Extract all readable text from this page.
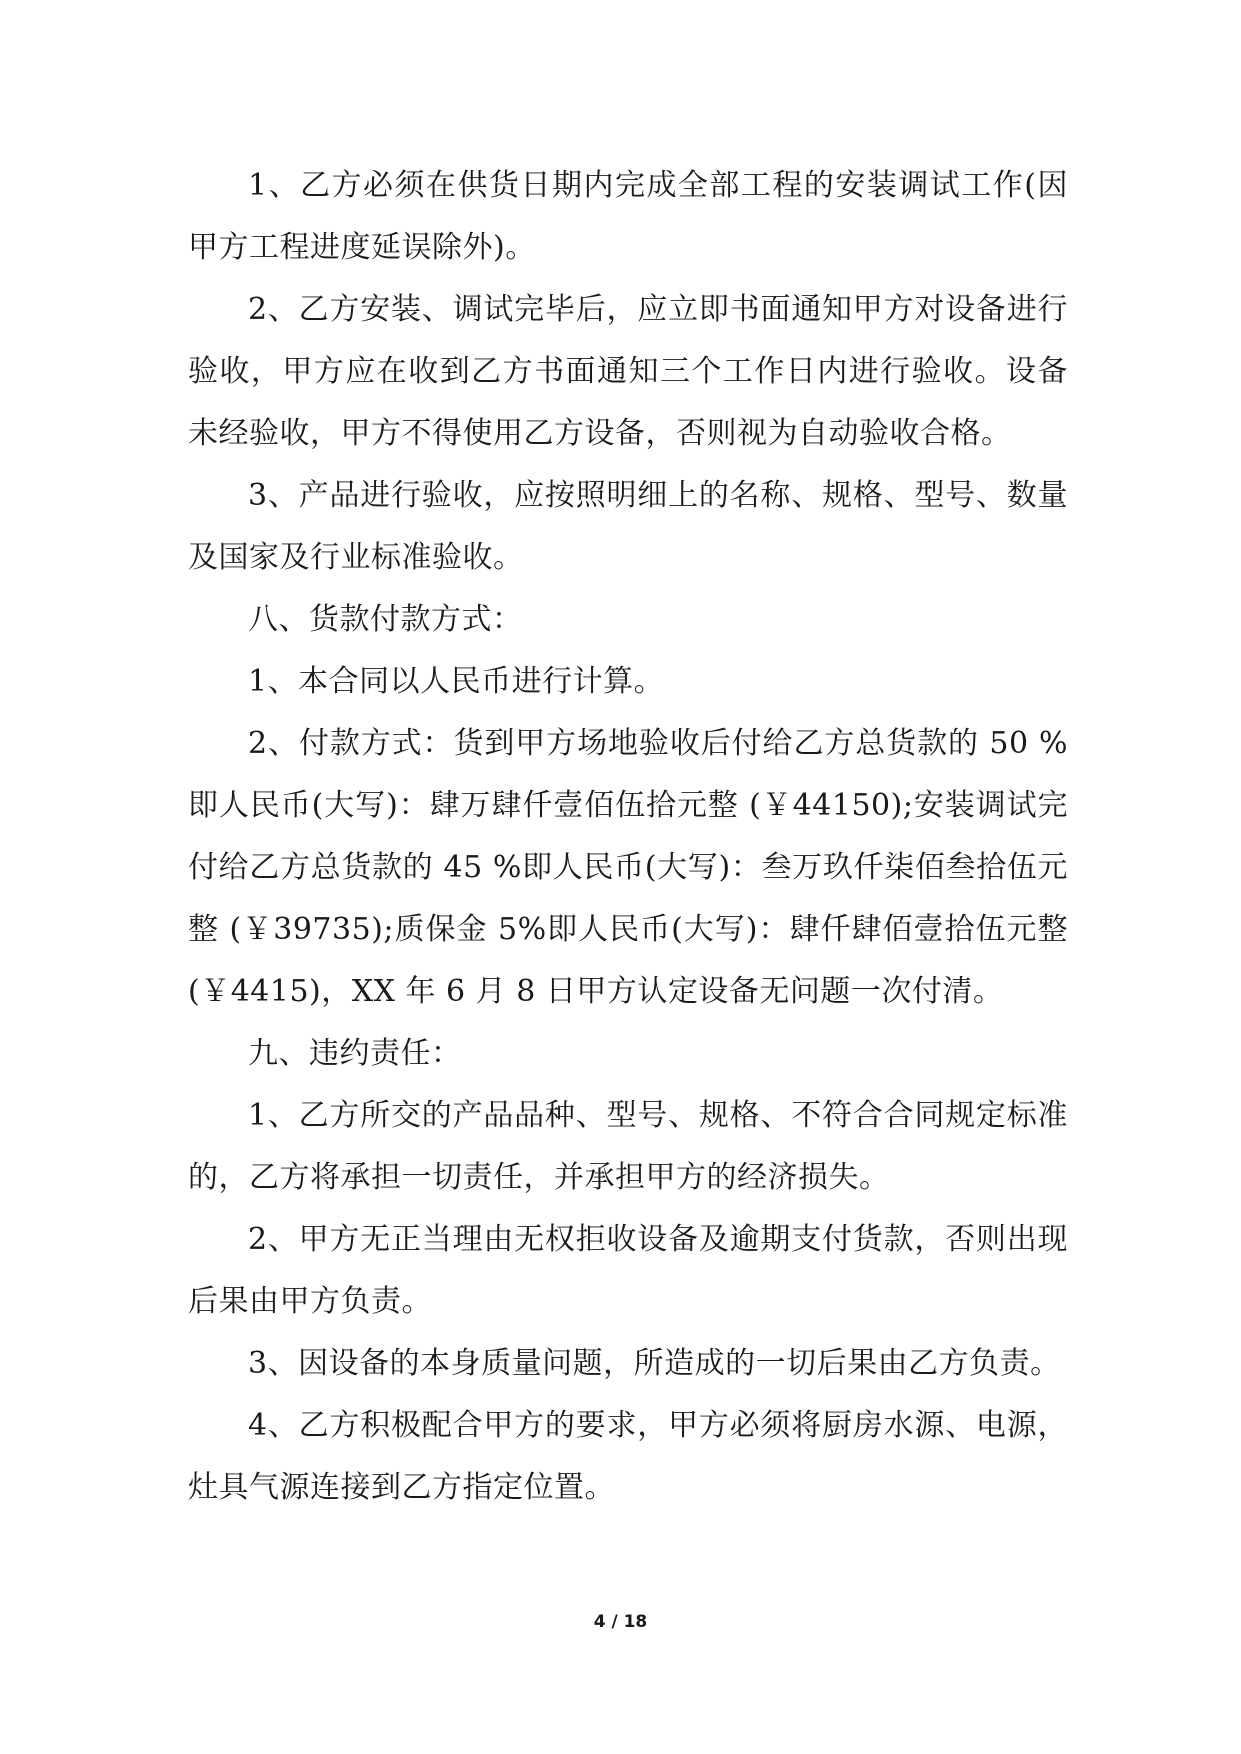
1、乙方必须在供货日期内完成全部工程的安装调试工作(因甲方工程进度延误除外)。

2、乙方安装、调试完毕后，应立即书面通知甲方对设备进行验收，甲方应在收到乙方书面通知三个工作日内进行验收。设备未经验收，甲方不得使用乙方设备，否则视为自动验收合格。

3、产品进行验收，应按照明细上的名称、规格、型号、数量及国家及行业标准验收。

八、货款付款方式：

1、本合同以人民币进行计算。

2、付款方式：货到甲方场地验收后付给乙方总货款的 50 %即人民币(大写)：肆万肆仟壹佰伍拾元整 (￥44150);安装调试完付给乙方总货款的 45 %即人民币(大写)：叁万玖仟柒佰叁拾伍元整 (￥39735);质保金 5%即人民币(大写)：肆仟肆佰壹拾伍元整 (￥4415)，XX 年 6 月 8 日甲方认定设备无问题一次付清。

九、违约责任：

1、乙方所交的产品品种、型号、规格、不符合合同规定标准的，乙方将承担一切责任，并承担甲方的经济损失。

2、甲方无正当理由无权拒收设备及逾期支付货款，否则出现后果由甲方负责。

3、因设备的本身质量问题，所造成的一切后果由乙方负责。

4、乙方积极配合甲方的要求，甲方必须将厨房水源、电源，灶具气源连接到乙方指定位置。

4 / 18
